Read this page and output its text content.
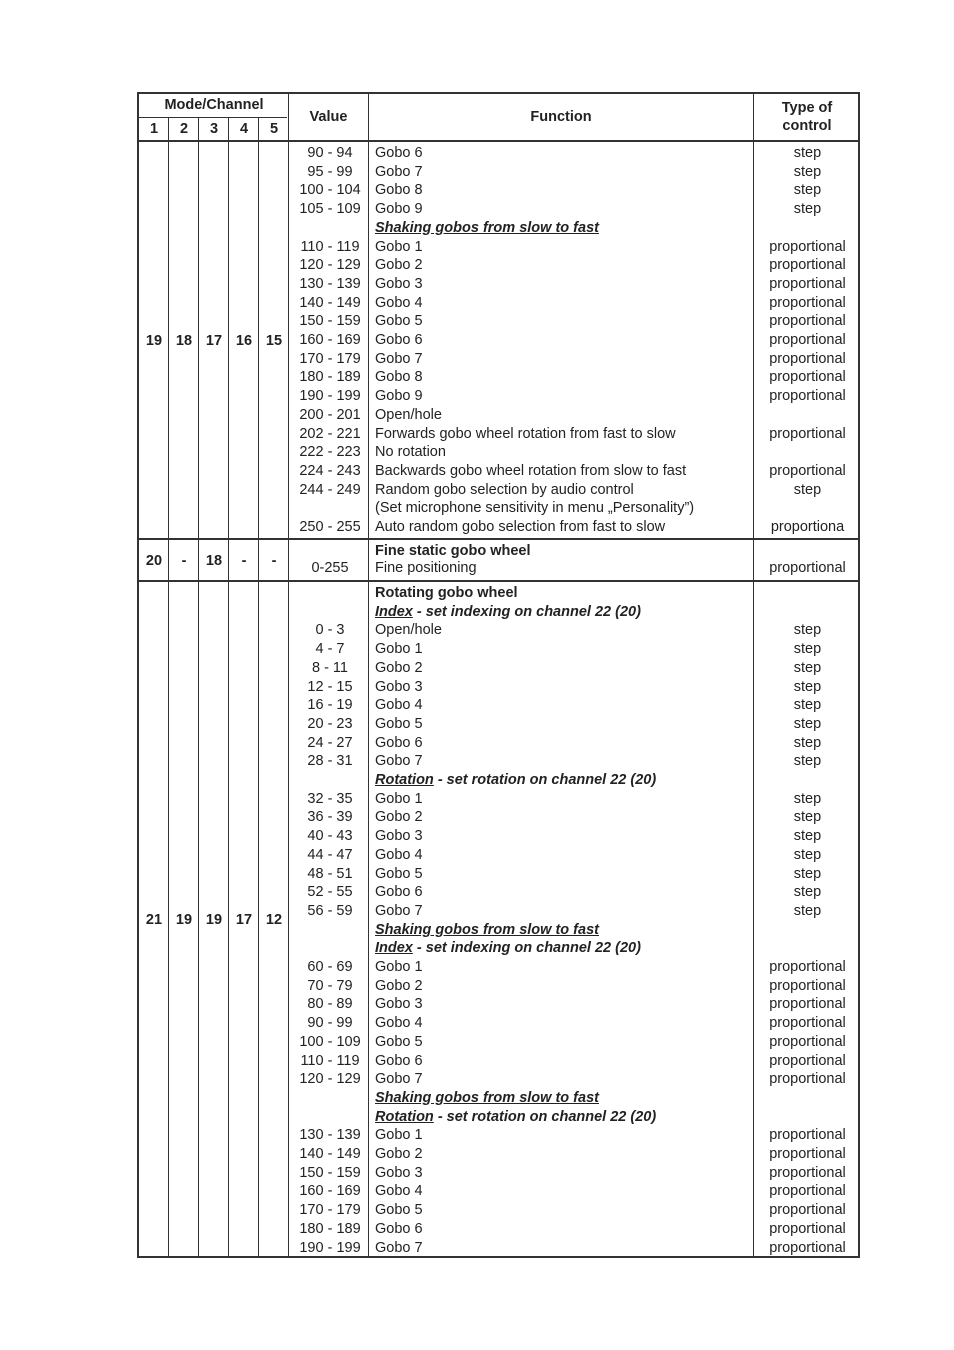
Mode/Channel
1	2	3	4	5
Value	Function
Type of
control
19 18 17 16 15
90 - 94	Gobo 6	step
95 - 99	Gobo 7	step
100 - 104 Gobo 8	step
105 - 109 Gobo 9	step
Shaking gobos from slow to fast
110 - 119	Gobo 1	proportional
120 - 129 Gobo 2	proportional
130 - 139 Gobo 3	proportional
140 - 149 Gobo 4	proportional
150 - 159 Gobo 5	proportional
160 - 169 Gobo 6	proportional
170 - 179 Gobo 7	proportional
180 - 189 Gobo 8	proportional
190 - 199 Gobo 9	proportional
200 - 201 Open/hole
202 - 221 Forwards gobo wheel rotation from fast to slow	proportional
222 - 223 No rotation
224 - 243 Backwards gobo wheel rotation from slow to fast	proportional
244 - 249 Random gobo selection by audio control	step
(Set microphone sensitivity in menu „Personality”)
250 - 255 Auto random gobo selection from fast to slow	proportiona
20	-	18	-	-
Fine static gobo wheel
0-255	Fine positioning	proportional
21 19 19 17 12
Rotating gobo wheel
Index - set indexing on channel 22 (20)
0 - 3	Open/hole	step
4 - 7	Gobo 1	step
8 - 11	Gobo 2	step
12 - 15	Gobo 3	step
16 - 19	Gobo 4	step
20 - 23	Gobo 5	step
24 - 27	Gobo 6	step
28 - 31	Gobo 7	step
Rotation - set rotation on channel 22 (20)
32 - 35	Gobo 1	step
36 - 39	Gobo 2	step
40 - 43	Gobo 3	step
44 - 47	Gobo 4	step
48 - 51	Gobo 5	step
52 - 55	Gobo 6	step
56 - 59	Gobo 7	step
Shaking gobos from slow to fast
Index - set indexing on channel 22 (20)
60 - 69	Gobo 1	proportional
70 - 79	Gobo 2	proportional
80 - 89	Gobo 3	proportional
90 - 99	Gobo 4	proportional
100 - 109 Gobo 5	proportional
110 - 119	Gobo 6	proportional
120 - 129 Gobo 7	proportional
Shaking gobos from slow to fast
Rotation - set rotation on channel 22 (20)
130 - 139 Gobo 1	proportional
140 - 149 Gobo 2	proportional
150 - 159 Gobo 3	proportional
160 - 169 Gobo 4	proportional
170 - 179 Gobo 5	proportional
180 - 189 Gobo 6	proportional
190 - 199 Gobo 7	proportional
